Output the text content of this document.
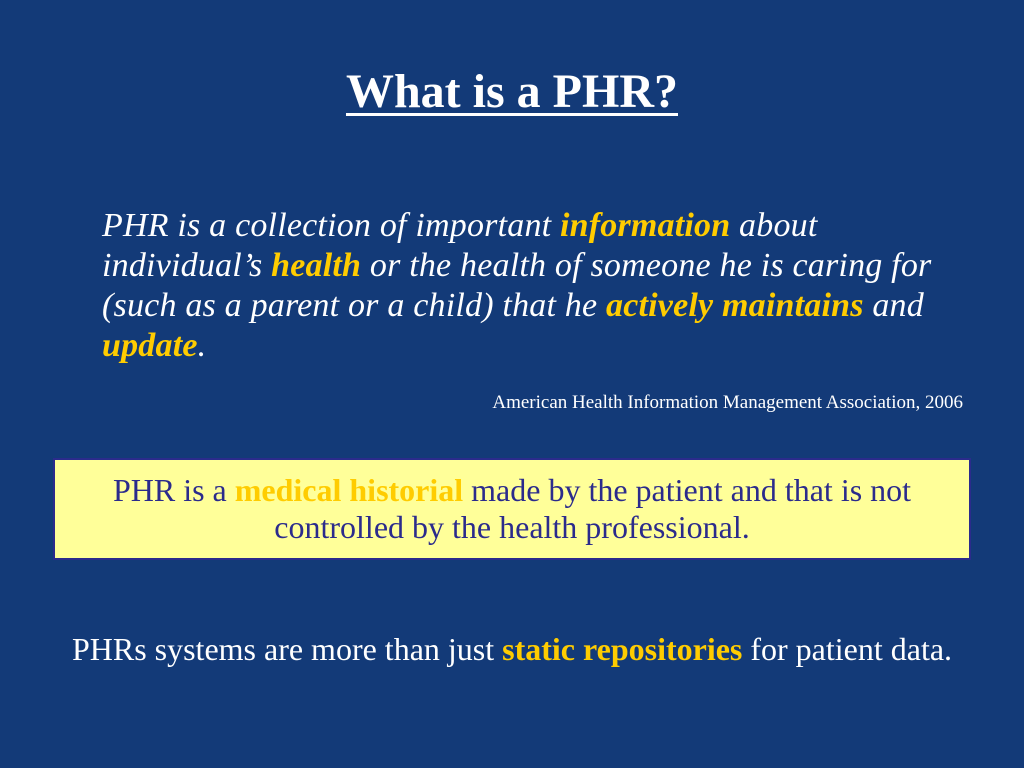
What is a PHR?
PHR is a collection of important information about individual’s health or the health of someone he is caring for (such as a parent or a child) that he actively maintains and update.
American Health Information Management Association, 2006
PHR is a medical historial made by the patient and that is not controlled by the health professional.
PHRs systems are more than just static repositories for patient data.
